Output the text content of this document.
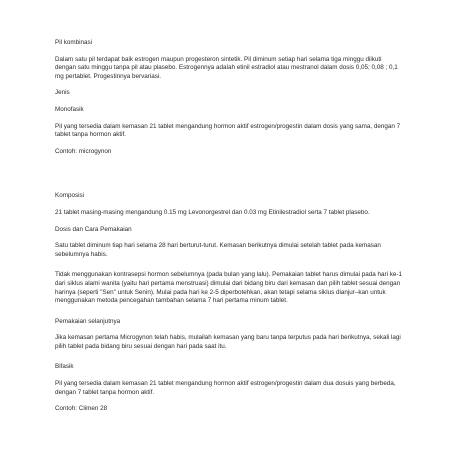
Pil kombinasi

Dalam satu pil terdapat baik estrogen maupun progesteron sintetik. Pil diminum setiap hari selama tiga minggu diikuti dengan satu minggu tanpa pil atau plasebo. Estrogennya adalah etinil estradiol atau mestranol dalam dosis 0,05; 0,08 ; 0,1 mg pertablet. Progestinnya bervariasi.

Jenis

Monofasik

Pil yang tersedia dalam kemasan 21 tablet mengandung hormon aktif estrogen/progestin dalam dosis yang sama, dengan 7 tablet tanpa hormon aktif.

Contoh: microgynon

Komposisi

21 tablet masing-masing mengandung 0.15 mg Levonorgestrel dan 0.03 mg Etinilestradiol serta 7 tablet plasebo.

Dosis dan Cara Pemakaian

Satu tablet diminum tiap hari selama 28 hari berturut-turut. Kemasan berikutnya dimulai setelah tablet pada kemasan sebelumnya habis.

Tidak menggunakan kontrasepsi hormon sebelumnya (pada bulan yang lalu). Pemakaian tablet harus dimulai pada hari ke-1 dari siklus alami wanita (yaitu hari pertama menstruasi) dimulai dari bidang biru dari kemasan dan pilih tablet sesuai dengan harinya (seperti "Sen" untuk Senin). Mulai pada hari ke 2-5 diperbotehkan, akan tetapi selama siklus dianjur–kan untuk menggunakan metoda pencegahan tambahan selama 7 hari pertama minum tablet.

Pemakaian selanjutnya

Jika kemasan pertama Microgynon telah habis, mulailah kemasan yang baru tanpa terputus pada hari berikutnya, sekali lagi pilih tablet pada bidang biru sesuai dengan hari pada saat itu.

Bifasik

Pil yang tersedia dalam kemasan 21 tablet mengandung hormon aktif estrogen/progestin dalam dua dosuis yang berbeda, dengan 7 tablet tanpa hormon aktif.

Contoh: Climen 28
